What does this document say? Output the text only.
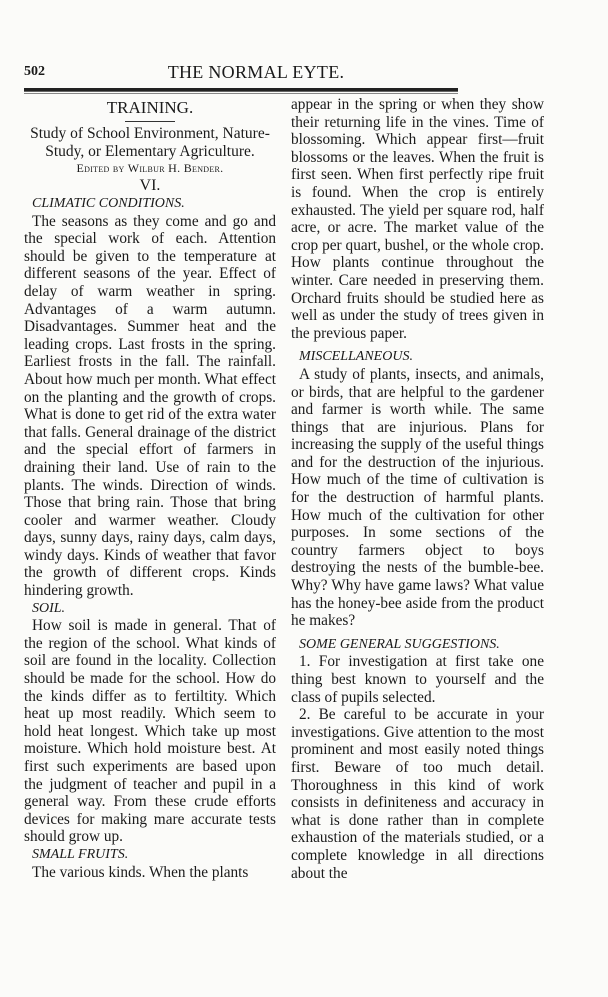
502	THE NORMAL EYTE.
TRAINING.
Study of School Environment, Nature-
Study, or Elementary Agriculture.
Edited by Wilbur H. Bender.
VI.
CLIMATIC CONDITIONS.

The seasons as they come and go and the special work of each. Attention should be given to the temperature at different seasons of the year. Effect of delay of warm weather in spring. Advantages of a warm autumn. Disadvantages. Summer heat and the leading crops. Last frosts in the spring. Earliest frosts in the fall. The rainfall. About how much per month. What effect on the planting and the growth of crops. What is done to get rid of the extra water that falls. General drainage of the district and the special effort of farmers in draining their land. Use of rain to the plants. The winds. Direction of winds. Those that bring rain. Those that bring cooler and warmer weather. Cloudy days, sunny days, rainy days, calm days, windy days. Kinds of weather that favor the growth of different crops. Kinds hindering growth.

SOIL.

How soil is made in general. That of the region of the school. What kinds of soil are found in the locality. Collection should be made for the school. How do the kinds differ as to fertiltity. Which heat up most readily. Which seem to hold heat longest. Which take up most moisture. Which hold moisture best. At first such experiments are based upon the judgment of teacher and pupil in a general way. From these crude efforts devices for making mare accurate tests should grow up.

SMALL FRUITS.

The various kinds. When the plants

appear in the spring or when they show their returning life in the vines. Time of blossoming. Which appear first—fruit blossoms or the leaves. When the fruit is first seen. When first perfectly ripe fruit is found. When the crop is entirely exhausted. The yield per square rod, half acre, or acre. The market value of the crop per quart, bushel, or the whole crop. How plants continue throughout the winter. Care needed in preserving them. Orchard fruits should be studied here as well as under the study of trees given in the previous paper.

MISCELLANEOUS.

A study of plants, insects, and animals, or birds, that are helpful to the gardener and farmer is worth while. The same things that are injurious. Plans for increasing the supply of the useful things and for the destruction of the injurious. How much of the time of cultivation is for the destruction of harmful plants. How much of the cultivation for other purposes. In some sections of the country farmers object to boys destroying the nests of the bumble-bee. Why? Why have game laws? What value has the honey-bee aside from the product he makes?

SOME GENERAL SUGGESTIONS.

1. For investigation at first take one thing best known to yourself and the class of pupils selected.

2. Be careful to be accurate in your investigations. Give attention to the most prominent and most easily noted things first. Beware of too much detail. Thoroughness in this kind of work consists in definiteness and accuracy in what is done rather than in complete exhaustion of the materials studied, or a complete knowledge in all directions about the
